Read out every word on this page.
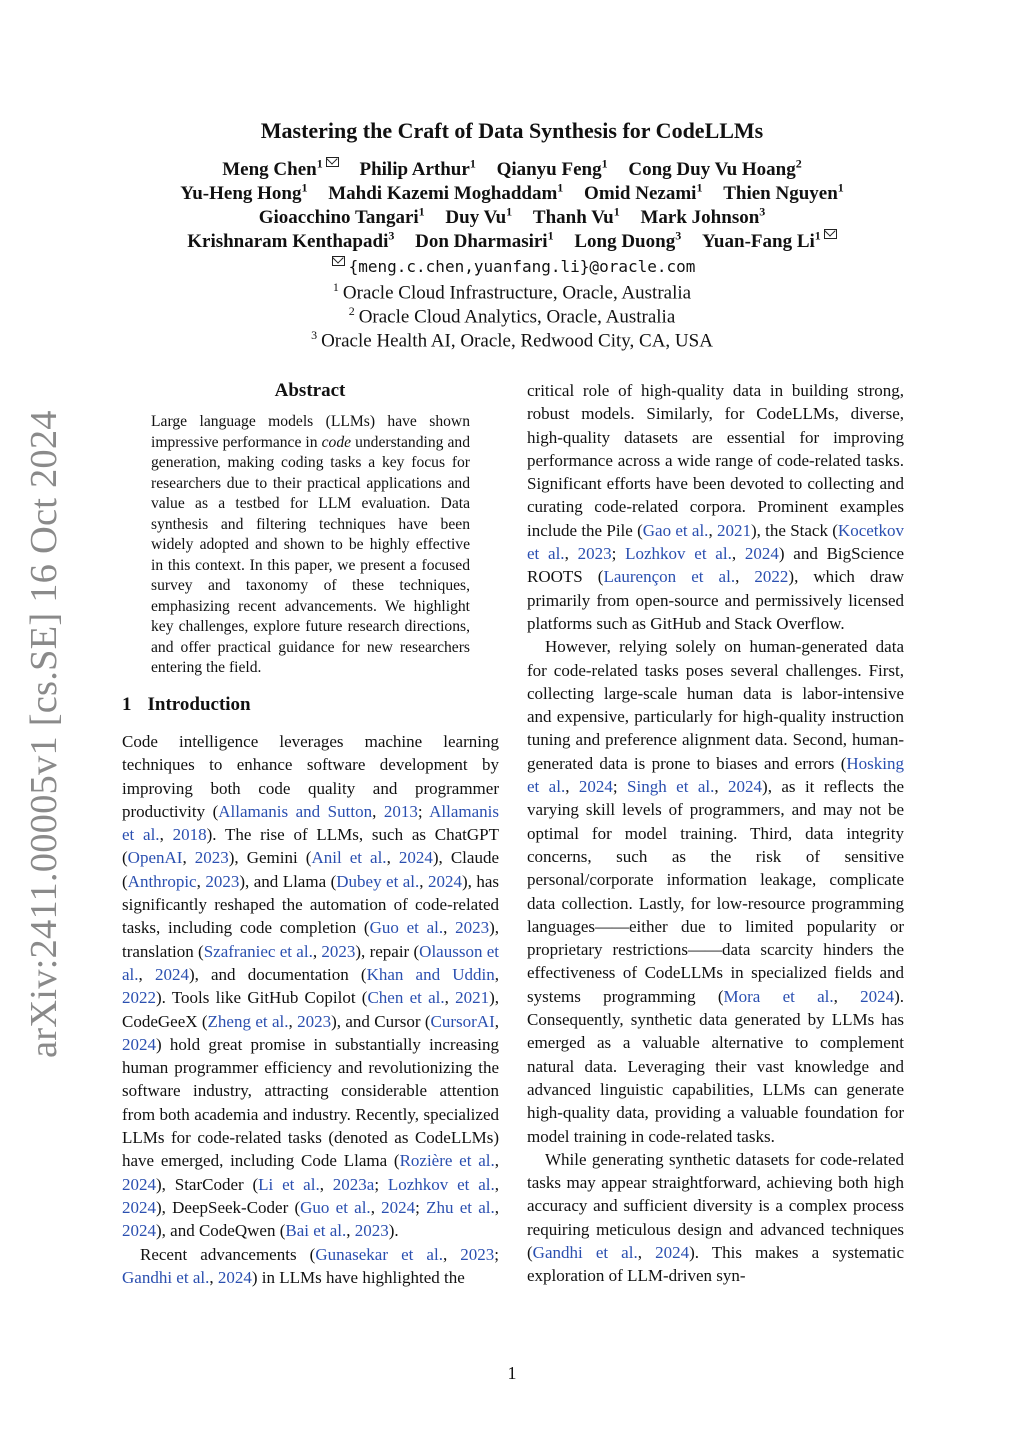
arXiv:2411.00005v1 [cs.SE] 16 Oct 2024
Mastering the Craft of Data Synthesis for CodeLLMs
Meng Chen$^1$ Philip Arthur$^1$ Qianyu Feng$^1$ Cong Duy Vu Hoang$^2$
Yu-Heng Hong$^1$ Mahdi Kazemi Moghaddam$^1$ Omid Nezami$^1$ Thien Nguyen$^1$
Gioacchino Tangari$^1$ Duy Vu$^1$ Thanh Vu$^1$ Mark Johnson$^3$
Krishnaram Kenthapadi$^3$ Don Dharmasiri$^1$ Long Duong$^3$ Yuan-Fang Li$^1$
{meng.c.chen,yuanfang.li}@oracle.com
$^1$ Oracle Cloud Infrastructure, Oracle, Australia
$^2$ Oracle Cloud Analytics, Oracle, Australia
$^3$ Oracle Health AI, Oracle, Redwood City, CA, USA
Abstract
Large language models (LLMs) have shown impressive performance in code understanding and generation, making coding tasks a key focus for researchers due to their practical applications and value as a testbed for LLM evaluation. Data synthesis and filtering techniques have been widely adopted and shown to be highly effective in this context. In this paper, we present a focused survey and taxonomy of these techniques, emphasizing recent advancements. We highlight key challenges, explore future research directions, and offer practical guidance for new researchers entering the field.
1 Introduction

Code intelligence leverages machine learning techniques to enhance software development by improving both code quality and programmer productivity (Allamanis and Sutton, 2013; Allamanis et al., 2018). The rise of LLMs, such as ChatGPT (OpenAI, 2023), Gemini (Anil et al., 2024), Claude (Anthropic, 2023), and Llama (Dubey et al., 2024), has significantly reshaped the automation of code-related tasks, including code completion (Guo et al., 2023), translation (Szafraniec et al., 2023), repair (Olausson et al., 2024), and documentation (Khan and Uddin, 2022). Tools like GitHub Copilot (Chen et al., 2021), CodeGeeX (Zheng et al., 2023), and Cursor (CursorAI, 2024) hold great promise in substantially increasing human programmer efficiency and revolutionizing the software industry, attracting considerable attention from both academia and industry. Recently, specialized LLMs for code-related tasks (denoted as CodeLLMs) have emerged, including Code Llama (Rozière et al., 2024), StarCoder (Li et al., 2023a; Lozhkov et al., 2024), DeepSeek-Coder (Guo et al., 2024; Zhu et al., 2024), and CodeQwen (Bai et al., 2023).

Recent advancements (Gunasekar et al., 2023; Gandhi et al., 2024) in LLMs have highlighted the

critical role of high-quality data in building strong, robust models. Similarly, for CodeLLMs, diverse, high-quality datasets are essential for improving performance across a wide range of code-related tasks. Significant efforts have been devoted to collecting and curating code-related corpora. Prominent examples include the Pile (Gao et al., 2021), the Stack (Kocetkov et al., 2023; Lozhkov et al., 2024) and BigScience ROOTS (Laurençon et al., 2022), which draw primarily from open-source and permissively licensed platforms such as GitHub and Stack Overflow.

However, relying solely on human-generated data for code-related tasks poses several challenges. First, collecting large-scale human data is labor-intensive and expensive, particularly for high-quality instruction tuning and preference alignment data. Second, human-generated data is prone to biases and errors (Hosking et al., 2024; Singh et al., 2024), as it reflects the varying skill levels of programmers, and may not be optimal for model training. Third, data integrity concerns, such as the risk of sensitive personal/corporate information leakage, complicate data collection. Lastly, for low-resource programming languages——either due to limited popularity or proprietary restrictions——data scarcity hinders the effectiveness of CodeLLMs in specialized fields and systems programming (Mora et al., 2024). Consequently, synthetic data generated by LLMs has emerged as a valuable alternative to complement natural data. Leveraging their vast knowledge and advanced linguistic capabilities, LLMs can generate high-quality data, providing a valuable foundation for model training in code-related tasks.

While generating synthetic datasets for code-related tasks may appear straightforward, achieving both high accuracy and sufficient diversity is a complex process requiring meticulous design and advanced techniques (Gandhi et al., 2024). This makes a systematic exploration of LLM-driven syn-

1
